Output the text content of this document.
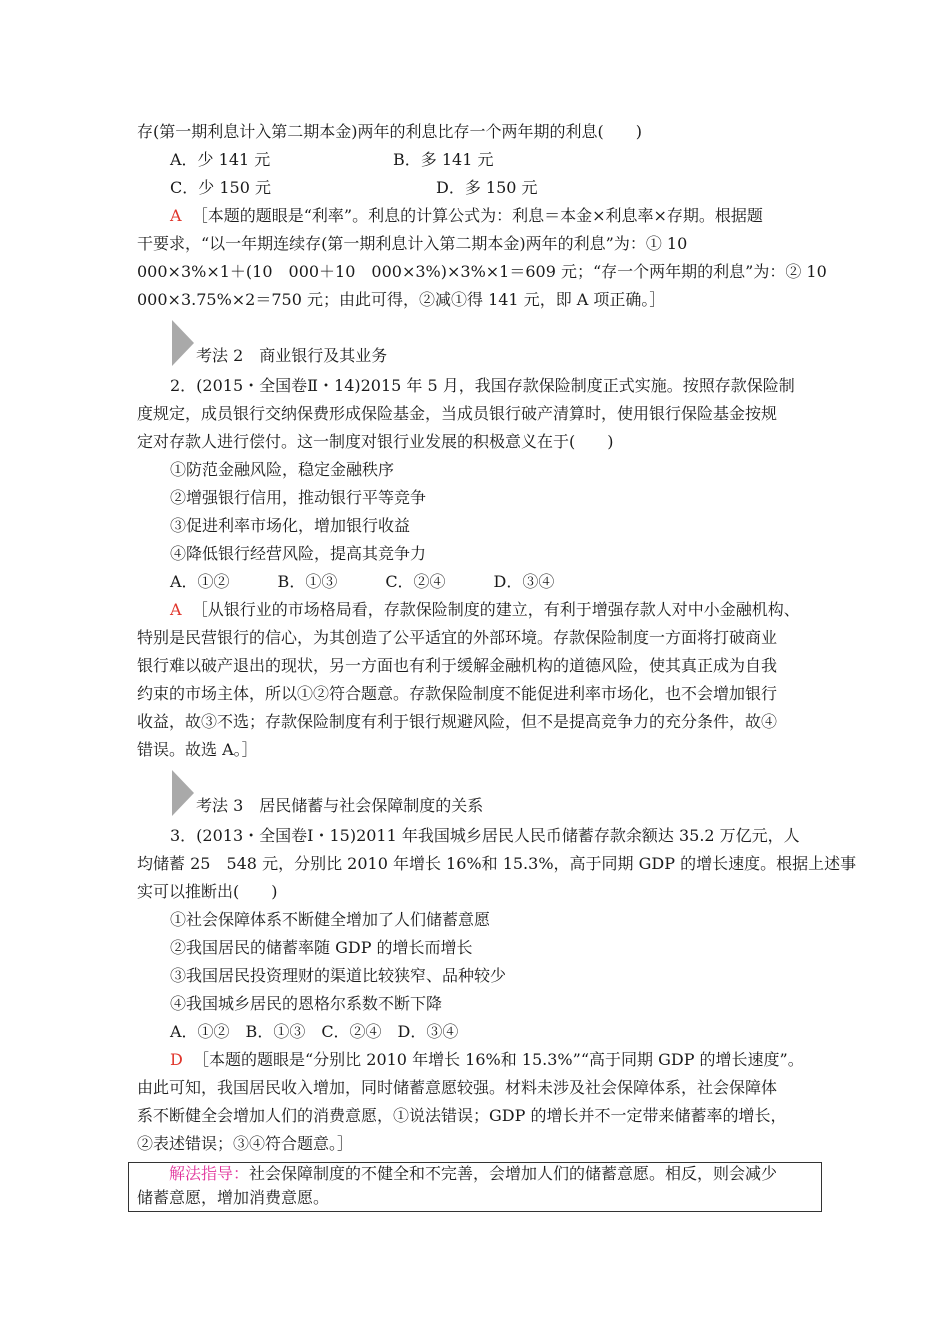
存(第一期利息计入第二期本金)两年的利息比存一个两年期的利息(　　)
A．少 141 元	B．多 141 元
C．少 150 元	D．多 150 元
A ［本题的题眼是“利率”。利息的计算公式为：利息＝本金×利息率×存期。根据题
干要求，“以一年期连续存(第一期利息计入第二期本金)两年的利息”为：① 10
000×3%×1＋(10　000＋10　000×3%)×3%×1＝609 元；“存一个两年期的利息”为：② 10
000×3.75%×2＝750 元；由此可得，②减①得 141 元，即 A 项正确。］
考法 2　商业银行及其业务
2．(2015・全国卷Ⅱ・14)2015 年 5 月，我国存款保险制度正式实施。按照存款保险制
度规定，成员银行交纳保费形成保险基金，当成员银行破产清算时，使用银行保险基金按规
定对存款人进行偿付。这一制度对银行业发展的积极意义在于(　　)
①防范金融风险，稳定金融秩序
②增强银行信用，推动银行平等竞争
③促进利率市场化，增加银行收益
④降低银行经营风险，提高其竞争力
A．①②　　　B．①③　　　C．②④　　　D．③④
A ［从银行业的市场格局看，存款保险制度的建立，有利于增强存款人对中小金融机构、
特别是民营银行的信心，为其创造了公平适宜的外部环境。存款保险制度一方面将打破商业
银行难以破产退出的现状，另一方面也有利于缓解金融机构的道德风险，使其真正成为自我
约束的市场主体，所以①②符合题意。存款保险制度不能促进利率市场化，也不会增加银行
收益，故③不选；存款保险制度有利于银行规避风险，但不是提高竞争力的充分条件，故④
错误。故选 A。］
考法 3　居民储蓄与社会保障制度的关系
3．(2013・全国卷Ⅰ・15)2011 年我国城乡居民人民币储蓄存款余额达 35.2 万亿元，人
均储蓄 25　548 元，分别比 2010 年增长 16%和 15.3%，高于同期 GDP 的增长速度。根据上述事
实可以推断出(　　)
①社会保障体系不断健全增加了人们储蓄意愿
②我国居民的储蓄率随 GDP 的增长而增长
③我国居民投资理财的渠道比较狭窄、品种较少
④我国城乡居民的恩格尔系数不断下降
A．①②　B．①③　C．②④　D．③④
D ［本题的题眼是“分别比 2010 年增长 16%和 15.3%”“高于同期 GDP 的增长速度”。
由此可知，我国居民收入增加，同时储蓄意愿较强。材料未涉及社会保障体系，社会保障体
系不断健全会增加人们的消费意愿，①说法错误；GDP 的增长并不一定带来储蓄率的增长，
②表述错误；③④符合题意。］
解法指导：社会保障制度的不健全和不完善，会增加人们的储蓄意愿。相反，则会减少
储蓄意愿，增加消费意愿。
